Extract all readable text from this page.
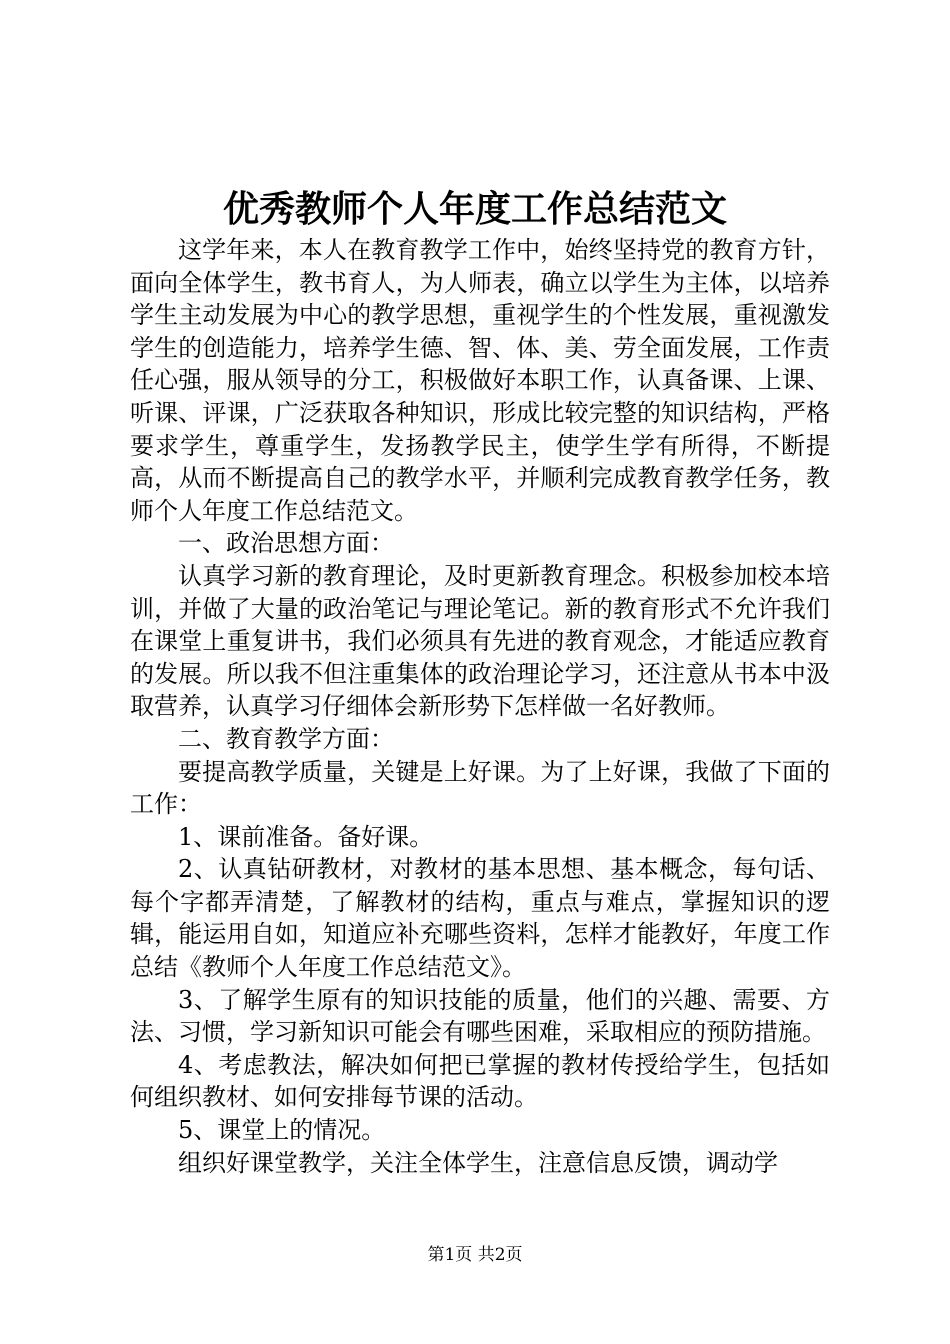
优秀教师个人年度工作总结范文

这学年来，本人在教育教学工作中，始终坚持党的教育方针，面向全体学生，教书育人，为人师表，确立以学生为主体，以培养学生主动发展为中心的教学思想，重视学生的个性发展，重视激发学生的创造能力，培养学生德、智、体、美、劳全面发展，工作责任心强，服从领导的分工，积极做好本职工作，认真备课、上课、听课、评课，广泛获取各种知识，形成比较完整的知识结构，严格要求学生，尊重学生，发扬教学民主，使学生学有所得，不断提高，从而不断提高自己的教学水平，并顺利完成教育教学任务，教师个人年度工作总结范文。

一、政治思想方面：

认真学习新的教育理论，及时更新教育理念。积极参加校本培训，并做了大量的政治笔记与理论笔记。新的教育形式不允许我们在课堂上重复讲书，我们必须具有先进的教育观念，才能适应教育的发展。所以我不但注重集体的政治理论学习，还注意从书本中汲取营养，认真学习仔细体会新形势下怎样做一名好教师。

二、教育教学方面：

要提高教学质量，关键是上好课。为了上好课，我做了下面的工作：

1、课前准备。备好课。

2、认真钻研教材，对教材的基本思想、基本概念，每句话、每个字都弄清楚，了解教材的结构，重点与难点，掌握知识的逻辑，能运用自如，知道应补充哪些资料，怎样才能教好，年度工作总结《教师个人年度工作总结范文》。

3、了解学生原有的知识技能的质量，他们的兴趣、需要、方法、习惯，学习新知识可能会有哪些困难，采取相应的预防措施。

4、考虑教法，解决如何把已掌握的教材传授给学生，包括如何组织教材、如何安排每节课的活动。

5、课堂上的情况。

组织好课堂教学，关注全体学生，注意信息反馈，调动学

第1页 共2页
